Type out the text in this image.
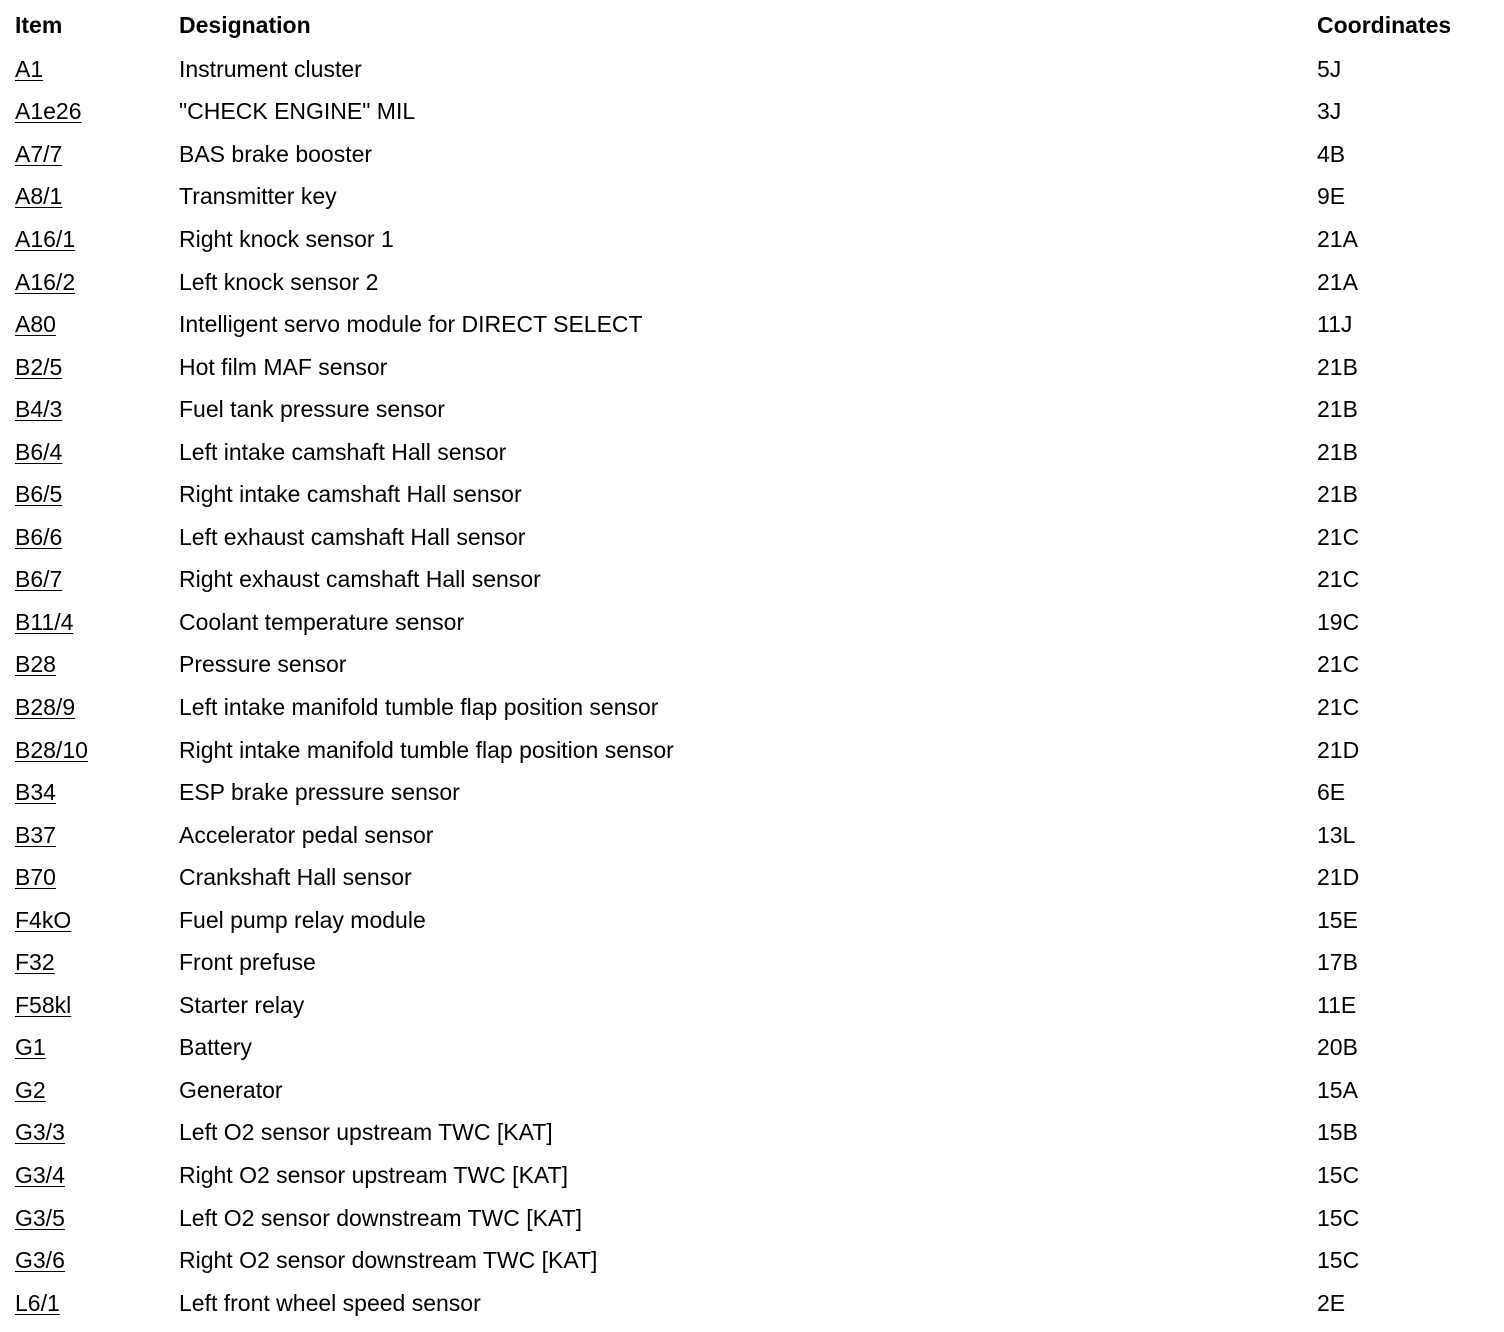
Item	Designation	Coordinates
A1	Instrument cluster	5J
A1e26	"CHECK ENGINE" MIL	3J
A7/7	BAS brake booster	4B
A8/1	Transmitter key	9E
A16/1	Right knock sensor 1	21A
A16/2	Left knock sensor 2	21A
A80	Intelligent servo module for DIRECT SELECT	11J
B2/5	Hot film MAF sensor	21B
B4/3	Fuel tank pressure sensor	21B
B6/4	Left intake camshaft Hall sensor	21B
B6/5	Right intake camshaft Hall sensor	21B
B6/6	Left exhaust camshaft Hall sensor	21C
B6/7	Right exhaust camshaft Hall sensor	21C
B11/4	Coolant temperature sensor	19C
B28	Pressure sensor	21C
B28/9	Left intake manifold tumble flap position sensor	21C
B28/10	Right intake manifold tumble flap position sensor	21D
B34	ESP brake pressure sensor	6E
B37	Accelerator pedal sensor	13L
B70	Crankshaft Hall sensor	21D
F4kO	Fuel pump relay module	15E
F32	Front prefuse	17B
F58kl	Starter relay	11E
G1	Battery	20B
G2	Generator	15A
G3/3	Left O2 sensor upstream TWC [KAT]	15B
G3/4	Right O2 sensor upstream TWC [KAT]	15C
G3/5	Left O2 sensor downstream TWC [KAT]	15C
G3/6	Right O2 sensor downstream TWC [KAT]	15C
L6/1	Left front wheel speed sensor	2E
